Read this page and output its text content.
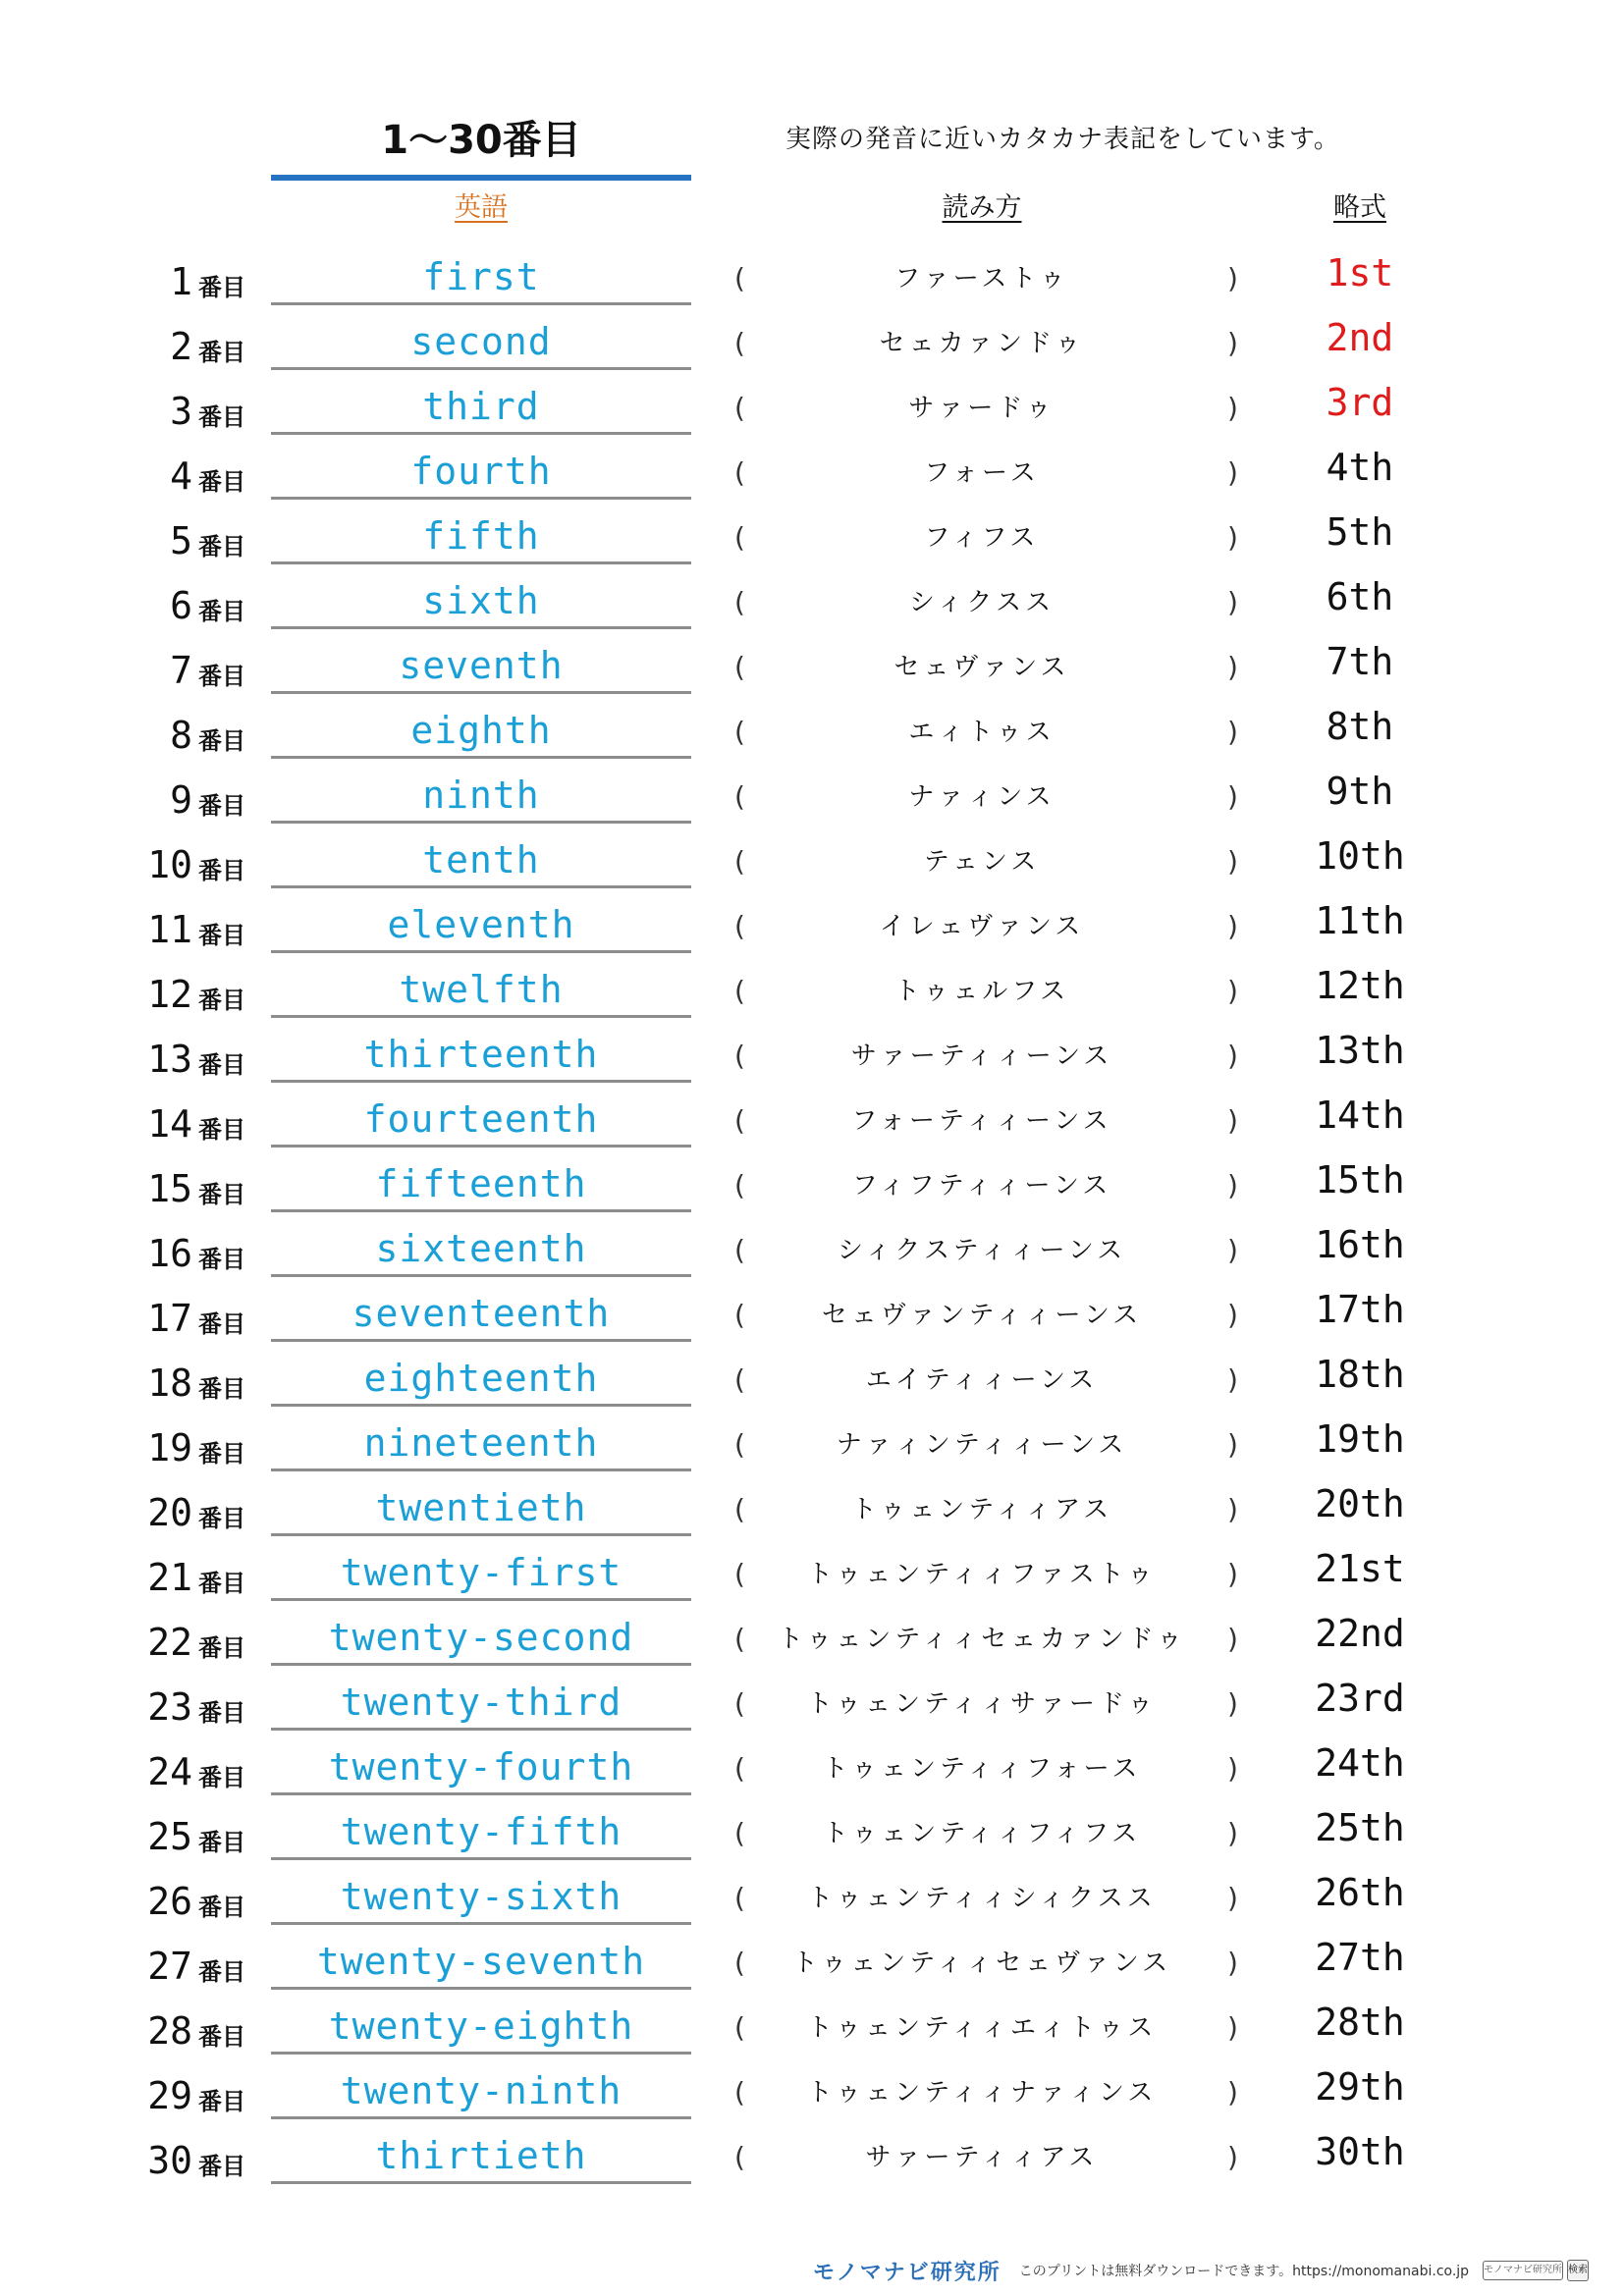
1～30番目	実際の発音に近いカタカナ表記をしています。
英語	読み方	略式
1 番目	first	(	ファーストゥ	)	1st
2 番目	second	(	セェカァンドゥ	)	2nd
3 番目	third	(	サァードゥ	)	3rd
4 番目	fourth	(	フォース	)	4th
5 番目	fifth	(	フィフス	)	5th
6 番目	sixth	(	シィクスス	)	6th
7 番目	seventh	(	セェヴァンス	)	7th
8 番目	eighth	(	エィトゥス	)	8th
9 番目	ninth	(	ナァィンス	)	9th
10 番目	tenth	(	テェンス	)	10th
11 番目	eleventh	(	イレェヴァンス	)	11th
12 番目	twelfth	(	トゥェルフス	)	12th
13 番目	thirteenth	(	サァーティィーンス	)	13th
14 番目	fourteenth	(	フォーティィーンス	)	14th
15 番目	fifteenth	(	フィフティィーンス	)	15th
16 番目	sixteenth	(	シィクスティィーンス	)	16th
17 番目	seventeenth	(	セェヴァンティィーンス	)	17th
18 番目	eighteenth	(	エイティィーンス	)	18th
19 番目	nineteenth	(	ナァィンティィーンス	)	19th
20 番目	twentieth	(	トゥェンティィアス	)	20th
21 番目	twenty-first	(	トゥェンティィファストゥ	)	21st
22 番目	twenty-second	( トゥェンティィセェカァンドゥ )	22nd
23 番目	twenty-third	(	トゥェンティィサァードゥ	)	23rd
24 番目	twenty-fourth	(	トゥェンティィフォース	)	24th
25 番目	twenty-fifth	(	トゥェンティィフィフス	)	25th
26 番目	twenty-sixth	(	トゥェンティィシィクスス	)	26th
27 番目	twenty-seventh	(	トゥェンティィセェヴァンス	)	27th
28 番目	twenty-eighth	(	トゥェンティィエィトゥス	)	28th
29 番目	twenty-ninth	(	トゥェンティィナァィンス	)	29th
30 番目	thirtieth	(	サァーティィアス	)	30th
モノマナビ研究所 このプリントは無料ダウンロードできます。https://monomanabi.co.jp モノマナビ研究所 検索
